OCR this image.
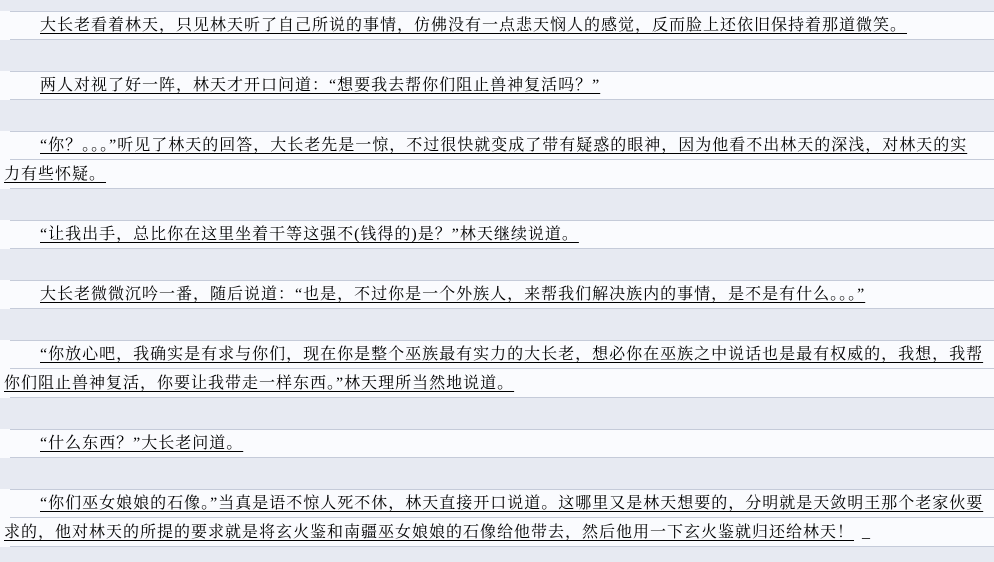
大长老看着林天，只见林天听了自己所说的事情，仿佛没有一点悲天悯人的感觉，反而脸上还依旧保持着那道微笑。

两人对视了好一阵，林天才开口问道：“想要我去帮你们阻止兽神复活吗？”

“你？。。。”听见了林天的回答，大长老先是一惊，不过很快就变成了带有疑惑的眼神，因为他看不出林天的深浅，对林天的实力有些怀疑。

“让我出手，总比你在这里坐着干等这强不(钱得的)是？”林天继续说道。

大长老微微沉吟一番，随后说道：“也是，不过你是一个外族人，来帮我们解决族内的事情，是不是有什么。。。”

“你放心吧，我确实是有求与你们，现在你是整个巫族最有实力的大长老，想必你在巫族之中说话也是最有权威的，我想，我帮你们阻止兽神复活，你要让我带走一样东西。”林天理所当然地说道。

“什么东西？”大长老问道。

“你们巫女娘娘的石像。”当真是语不惊人死不休，林天直接开口说道。这哪里又是林天想要的，分明就是天敛明王那个老家伙要求的，他对林天的所提的要求就是将玄火鉴和南疆巫女娘娘的石像给他带去，然后他用一下玄火鉴就归还给林天！ _
